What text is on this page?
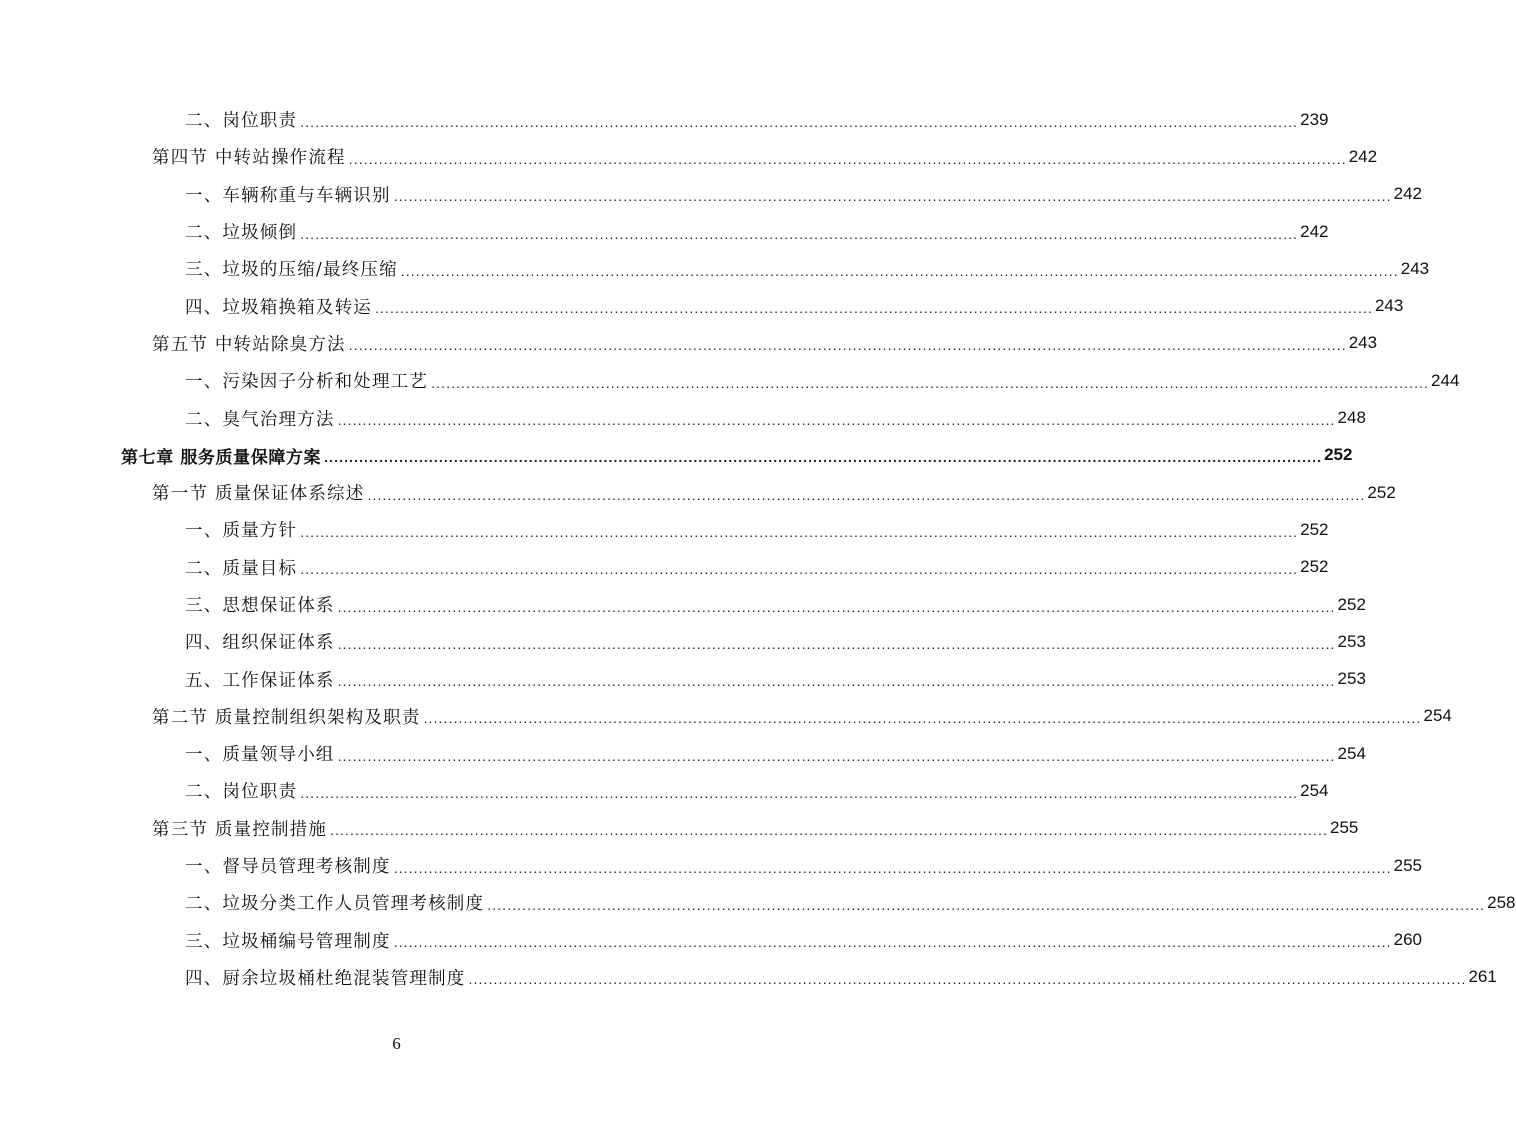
二、岗位职责 ........................................................................................................................................................................................................ 239
第四节 中转站操作流程 ........................................................................................................................................................................................................ 242
一、车辆称重与车辆识别 ........................................................................................................................................................................................................ 242
二、垃圾倾倒 ........................................................................................................................................................................................................ 242
三、垃圾的压缩/最终压缩 ........................................................................................................................................................................................................ 243
四、垃圾箱换箱及转运 ........................................................................................................................................................................................................ 243
第五节 中转站除臭方法 ........................................................................................................................................................................................................ 243
一、污染因子分析和处理工艺 ........................................................................................................................................................................................................ 244
二、臭气治理方法 ........................................................................................................................................................................................................ 248
第七章 服务质量保障方案 ........................................................................................................................................................................................................ 252
第一节 质量保证体系综述 ........................................................................................................................................................................................................ 252
一、质量方针 ........................................................................................................................................................................................................ 252
二、质量目标 ........................................................................................................................................................................................................ 252
三、思想保证体系 ........................................................................................................................................................................................................ 252
四、组织保证体系 ........................................................................................................................................................................................................ 253
五、工作保证体系 ........................................................................................................................................................................................................ 253
第二节 质量控制组织架构及职责 ........................................................................................................................................................................................................ 254
一、质量领导小组 ........................................................................................................................................................................................................ 254
二、岗位职责 ........................................................................................................................................................................................................ 254
第三节 质量控制措施 ........................................................................................................................................................................................................ 255
一、督导员管理考核制度 ........................................................................................................................................................................................................ 255
二、垃圾分类工作人员管理考核制度 ........................................................................................................................................................................................................ 258
三、垃圾桶编号管理制度 ........................................................................................................................................................................................................ 260
四、厨余垃圾桶杜绝混装管理制度 ........................................................................................................................................................................................................ 261
6
